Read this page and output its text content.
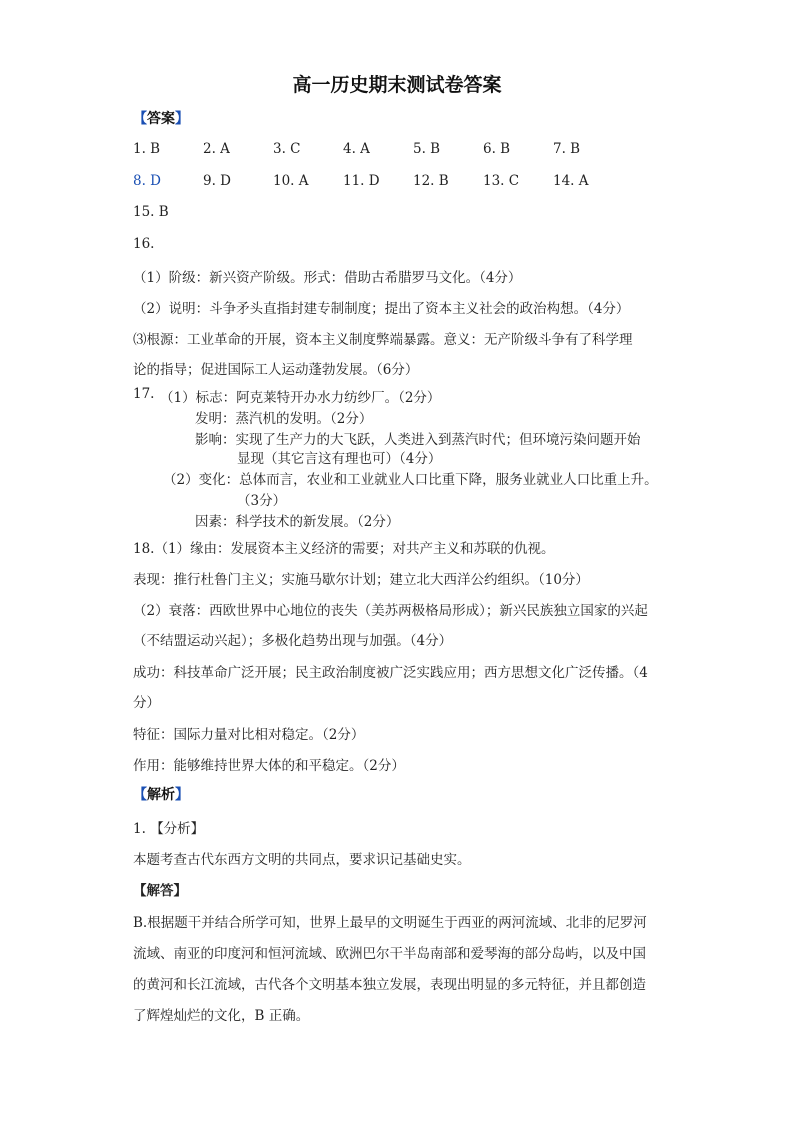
高一历史期末测试卷答案
【答案】
1. B	2. A	3. C	4. A	5. B	6. B	7. B
8. D	9. D	10. A	11. D 12. B	13. C	14. A
15. B
16.
（1）阶级：新兴资产阶级。形式：借助古希腊罗马文化。（4分）
（2）说明：斗争矛头直指封建专制制度；提出了资本主义社会的政治构想。（4分）
⑶根源：工业革命的开展，资本主义制度弊端暴露。意义：无产阶级斗争有了科学理
论的指导；促进国际工人运动蓬勃发展。（6分）
17. （1）标志：阿克莱特开办水力纺纱厂。（2分）
发明：蒸汽机的发明。（2分）
影响：实现了生产力的大飞跃，人类进入到蒸汽时代；但环境污染问题开始
显现（其它言这有理也可）（4分）
（2）变化：总体而言，农业和工业就业人口比重下降，服务业就业人口比重上升。
（3分）
因素：科学技术的新发展。（2分）
18.（1）缘由：发展资本主义经济的需要；对共产主义和苏联的仇视。
表现：推行杜鲁门主义；实施马歇尔计划；建立北大西洋公约组织。（10分）
（2）衰落：西欧世界中心地位的丧失（美苏两极格局形成）；新兴民族独立国家的兴起
（不结盟运动兴起）；多极化趋势出现与加强。（4分）
成功：科技革命广泛开展；民主政治制度被广泛实践应用；西方思想文化广泛传播。（4
分）
特征：国际力量对比相对稳定。（2分）
作用：能够维持世界大体的和平稳定。（2分）
【解析】
1. 【分析】
本题考查古代东西方文明的共同点，要求识记基础史实。
【解答】
B.根据题干并结合所学可知，世界上最早的文明诞生于西亚的两河流域、北非的尼罗河
流域、南亚的印度河和恒河流域、欧洲巴尔干半岛南部和爱琴海的部分岛屿，以及中国
的黄河和长江流域，古代各个文明基本独立发展，表现出明显的多元特征，并且都创造
了辉煌灿烂的文化，B 正确。
